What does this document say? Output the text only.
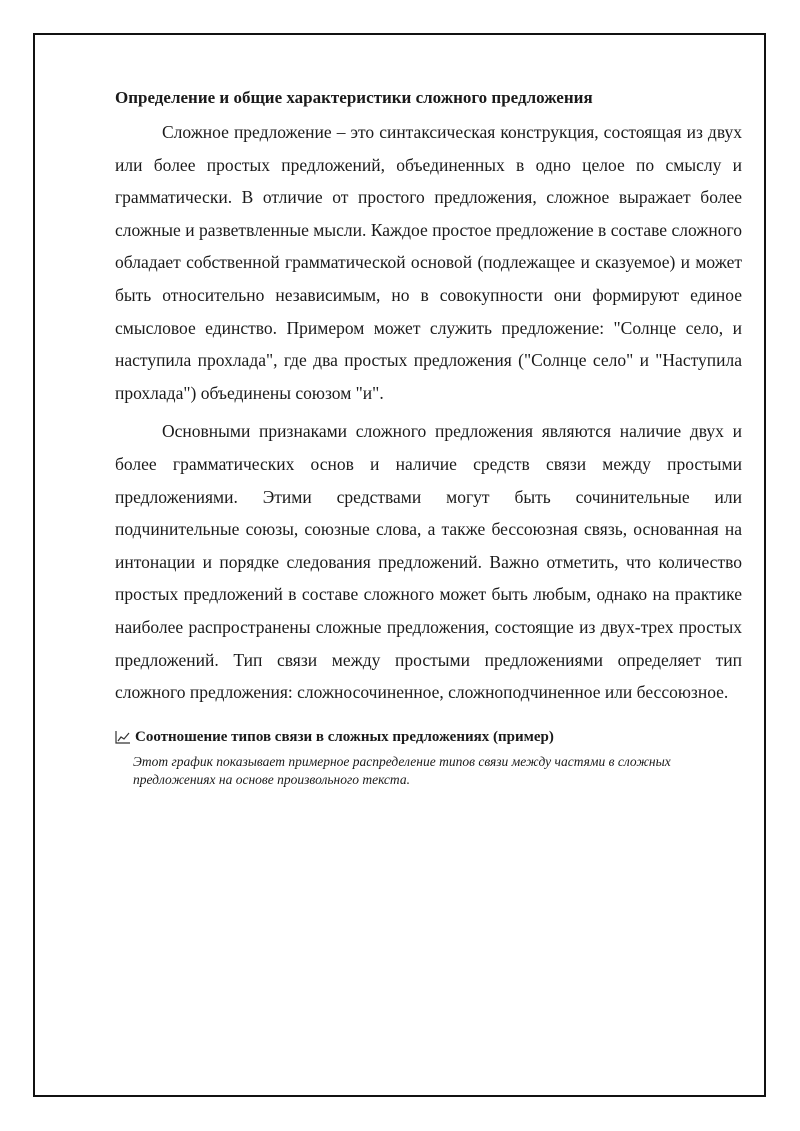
Определение и общие характеристики сложного предложения

Сложное предложение – это синтаксическая конструкция, состоящая из двух или более простых предложений, объединенных в одно целое по смыслу и грамматически. В отличие от простого предложения, сложное выражает более сложные и разветвленные мысли. Каждое простое предложение в составе сложного обладает собственной грамматической основой (подлежащее и сказуемое) и может быть относительно независимым, но в совокупности они формируют единое смысловое единство. Примером может служить предложение: "Солнце село, и наступила прохлада", где два простых предложения ("Солнце село" и "Наступила прохлада") объединены союзом "и".

Основными признаками сложного предложения являются наличие двух и более грамматических основ и наличие средств связи между простыми предложениями. Этими средствами могут быть сочинительные или подчинительные союзы, союзные слова, а также бессоюзная связь, основанная на интонации и порядке следования предложений. Важно отметить, что количество простых предложений в составе сложного может быть любым, однако на практике наиболее распространены сложные предложения, состоящие из двух-трех простых предложений. Тип связи между простыми предложениями определяет тип сложного предложения: сложносочиненное, сложноподчиненное или бессоюзное.

Соотношение типов связи в сложных предложениях (пример)
Этот график показывает примерное распределение типов связи между частями в сложных предложениях на основе произвольного текста.
